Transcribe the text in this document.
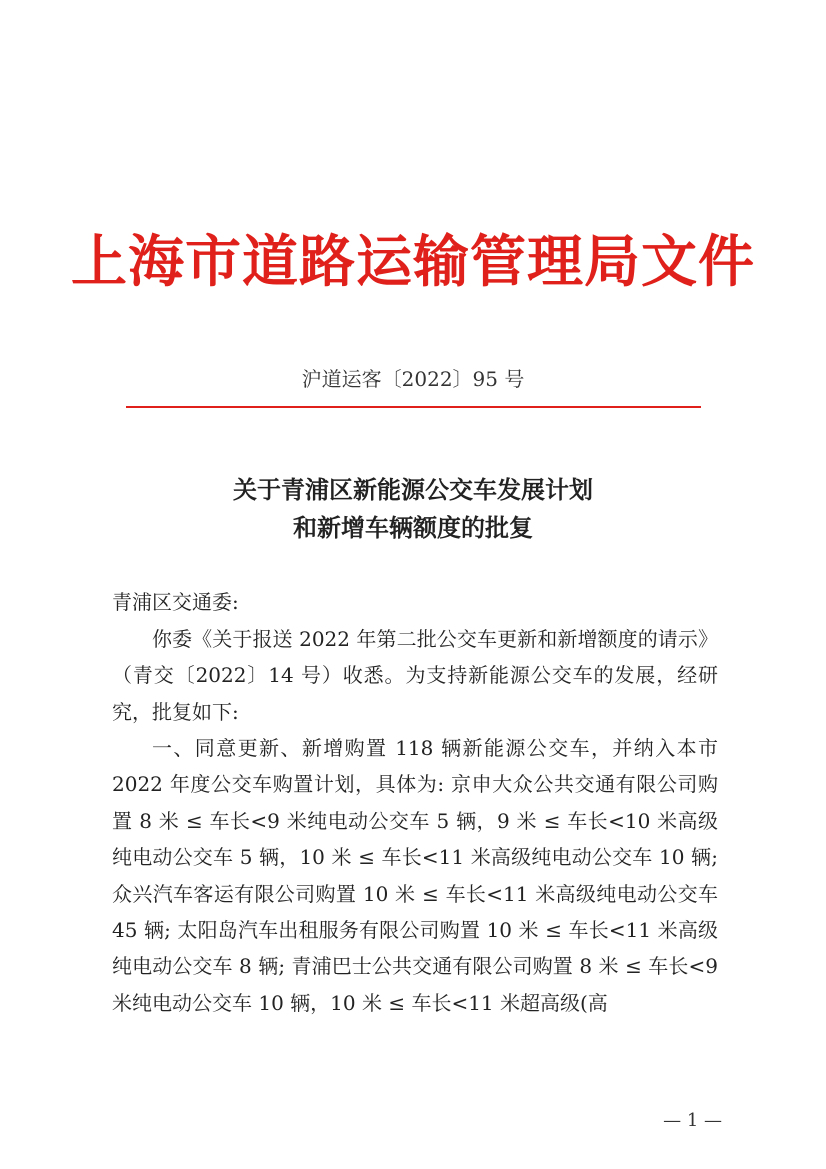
上海市道路运输管理局文件
沪道运客〔2022〕95 号
关于青浦区新能源公交车发展计划
和新增车辆额度的批复
青浦区交通委:
你委《关于报送 2022 年第二批公交车更新和新增额度的请示》（青交〔2022〕14 号）收悉。为支持新能源公交车的发展，经研究，批复如下:
一、同意更新、新增购置 118 辆新能源公交车，并纳入本市 2022 年度公交车购置计划，具体为: 京申大众公共交通有限公司购置 8 米 ≤ 车长<9 米纯电动公交车 5 辆，9 米 ≤ 车长<10 米高级纯电动公交车 5 辆，10 米 ≤ 车长<11 米高级纯电动公交车 10 辆; 众兴汽车客运有限公司购置 10 米 ≤ 车长<11 米高级纯电动公交车 45 辆; 太阳岛汽车出租服务有限公司购置 10 米 ≤ 车长<11 米高级纯电动公交车 8 辆; 青浦巴士公共交通有限公司购置 8 米 ≤ 车长<9 米纯电动公交车 10 辆，10 米 ≤ 车长<11 米超高级(高
— 1 —
